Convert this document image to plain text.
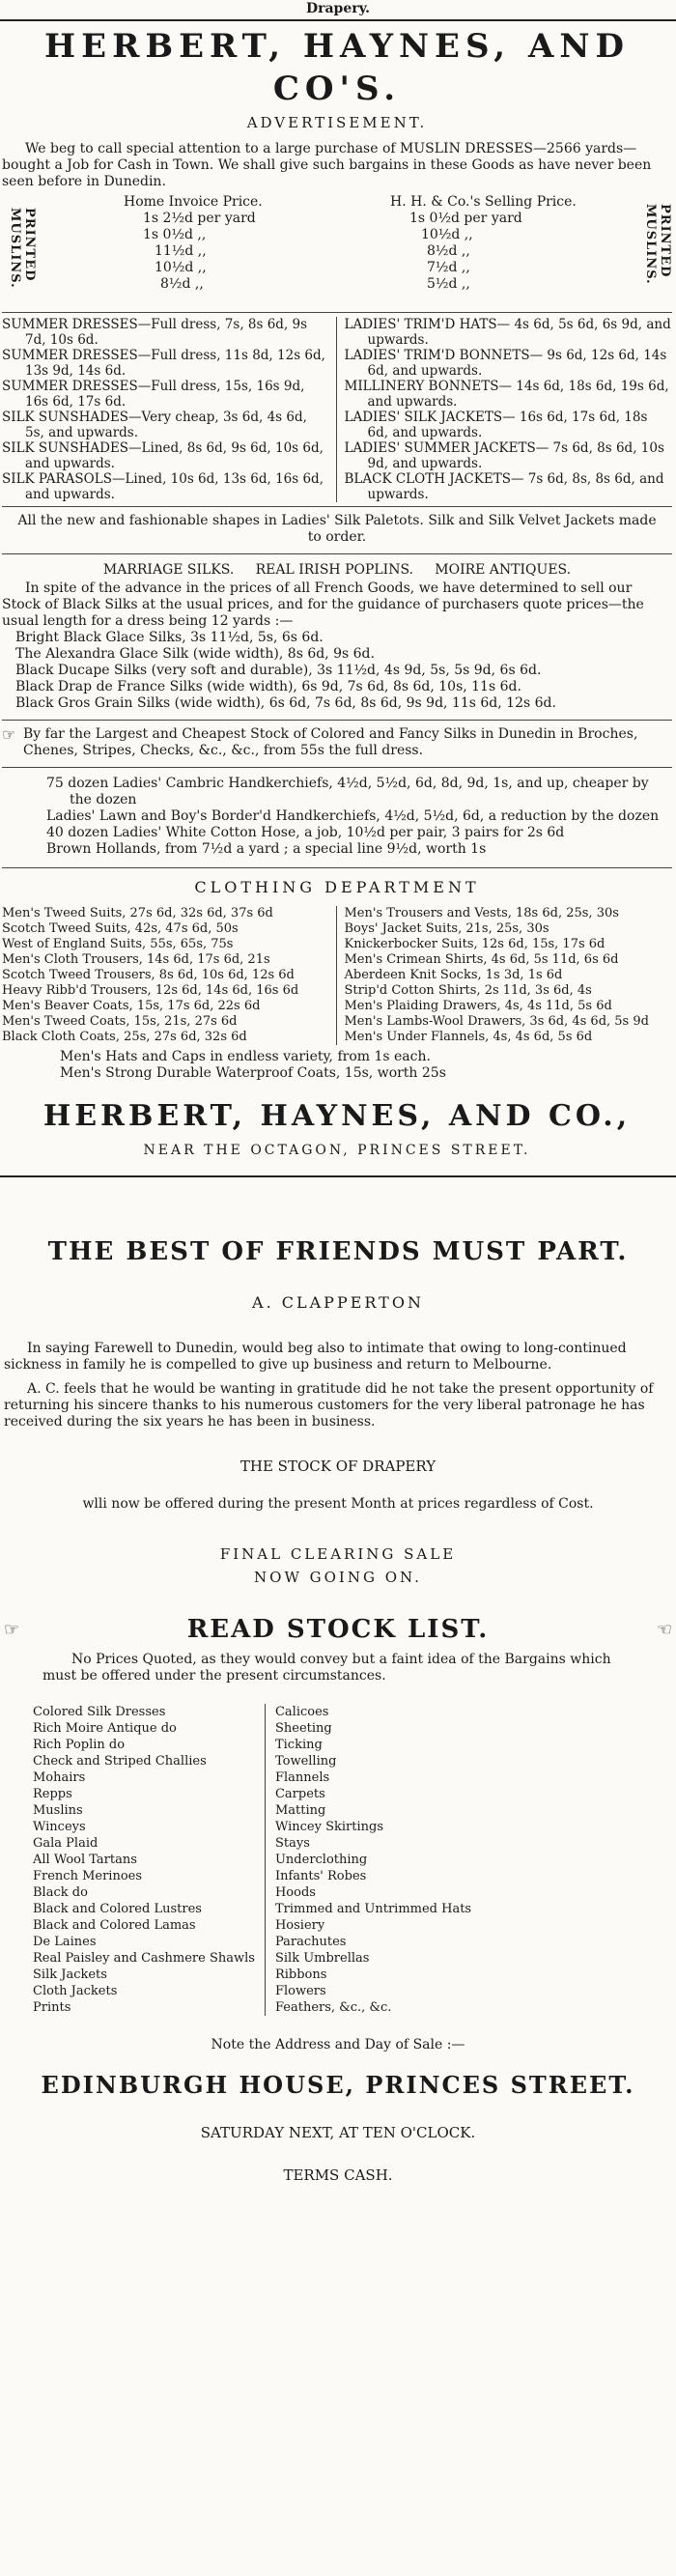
Drapery.
HERBERT, HAYNES, AND CO'S.
ADVERTISEMENT.
We beg to call special attention to a large purchase of MUSLIN DRESSES—2566 yards—bought a Job for Cash in Town. We shall give such bargains in these Goods as have never been seen before in Dunedin.
PRINTED MUSLINS.
Home Invoice Price.
1s 2½d per yard
1s 0½d ,,
11½d ,,
10½d ,,
8½d ,,
H. H. & Co.'s Selling Price.
1s 0½d per yard
10½d ,,
8½d ,,
7½d ,,
5½d ,,
PRINTED MUSLINS.
SUMMER DRESSES—Full dress, 7s, 8s 6d, 9s 7d, 10s 6d.
SUMMER DRESSES—Full dress, 11s 8d, 12s 6d, 13s 9d, 14s 6d.
SUMMER DRESSES—Full dress, 15s, 16s 9d, 16s 6d, 17s 6d.
SILK SUNSHADES—Very cheap, 3s 6d, 4s 6d, 5s, and upwards.
SILK SUNSHADES—Lined, 8s 6d, 9s 6d, 10s 6d, and upwards.
SILK PARASOLS—Lined, 10s 6d, 13s 6d, 16s 6d, and upwards.
LADIES' TRIM'D HATS— 4s 6d, 5s 6d, 6s 9d, and upwards.
LADIES' TRIM'D BONNETS— 9s 6d, 12s 6d, 14s 6d, and upwards.
MILLINERY BONNETS— 14s 6d, 18s 6d, 19s 6d, and upwards.
LADIES' SILK JACKETS— 16s 6d, 17s 6d, 18s 6d, and upwards.
LADIES' SUMMER JACKETS— 7s 6d, 8s 6d, 10s 9d, and upwards.
BLACK CLOTH JACKETS— 7s 6d, 8s, 8s 6d, and upwards.
All the new and fashionable shapes in Ladies' Silk Paletots. Silk and Silk Velvet Jackets made to order.
MARRIAGE SILKS.     REAL IRISH POPLINS.     MOIRE ANTIQUES.
In spite of the advance in the prices of all French Goods, we have determined to sell our Stock of Black Silks at the usual prices, and for the guidance of purchasers quote prices—the usual length for a dress being 12 yards :—
Bright Black Glace Silks, 3s 11½d, 5s, 6s 6d.
The Alexandra Glace Silk (wide width), 8s 6d, 9s 6d.
Black Ducape Silks (very soft and durable), 3s 11½d, 4s 9d, 5s, 5s 9d, 6s 6d.
Black Drap de France Silks (wide width), 6s 9d, 7s 6d, 8s 6d, 10s, 11s 6d.
Black Gros Grain Silks (wide width), 6s 6d, 7s 6d, 8s 6d, 9s 9d, 11s 6d, 12s 6d.
☞ By far the Largest and Cheapest Stock of Colored and Fancy Silks in Dunedin in Broches, Chenes, Stripes, Checks, &c., &c., from 55s the full dress.
75 dozen Ladies' Cambric Handkerchiefs, 4½d, 5½d, 6d, 8d, 9d, 1s, and up, cheaper by the dozen
Ladies' Lawn and Boy's Border'd Handkerchiefs, 4½d, 5½d, 6d, a reduction by the dozen
40 dozen Ladies' White Cotton Hose, a job, 10½d per pair, 3 pairs for 2s 6d
Brown Hollands, from 7½d a yard ; a special line 9½d, worth 1s
CLOTHING DEPARTMENT
Men's Tweed Suits, 27s 6d, 32s 6d, 37s 6d
Scotch Tweed Suits, 42s, 47s 6d, 50s
West of England Suits, 55s, 65s, 75s
Men's Cloth Trousers, 14s 6d, 17s 6d, 21s
Scotch Tweed Trousers, 8s 6d, 10s 6d, 12s 6d
Heavy Ribb'd Trousers, 12s 6d, 14s 6d, 16s 6d
Men's Beaver Coats, 15s, 17s 6d, 22s 6d
Men's Tweed Coats, 15s, 21s, 27s 6d
Black Cloth Coats, 25s, 27s 6d, 32s 6d
Men's Trousers and Vests, 18s 6d, 25s, 30s
Boys' Jacket Suits, 21s, 25s, 30s
Knickerbocker Suits, 12s 6d, 15s, 17s 6d
Men's Crimean Shirts, 4s 6d, 5s 11d, 6s 6d
Aberdeen Knit Socks, 1s 3d, 1s 6d
Strip'd Cotton Shirts, 2s 11d, 3s 6d, 4s
Men's Plaiding Drawers, 4s, 4s 11d, 5s 6d
Men's Lambs-Wool Drawers, 3s 6d, 4s 6d, 5s 9d
Men's Under Flannels, 4s, 4s 6d, 5s 6d
Men's Hats and Caps in endless variety, from 1s each.
Men's Strong Durable Waterproof Coats, 15s, worth 25s
HERBERT, HAYNES, AND CO.,
NEAR THE OCTAGON, PRINCES STREET.
THE BEST OF FRIENDS MUST PART.
A. CLAPPERTON
In saying Farewell to Dunedin, would beg also to intimate that owing to long-continued sickness in family he is compelled to give up business and return to Melbourne.
A. C. feels that he would be wanting in gratitude did he not take the present opportunity of returning his sincere thanks to his numerous customers for the very liberal patronage he has received during the six years he has been in business.
THE STOCK OF DRAPERY
wlli now be offered during the present Month at prices regardless of Cost.
FINAL CLEARING SALE
NOW GOING ON.
☞	READ STOCK LIST.	☜
No Prices Quoted, as they would convey but a faint idea of the Bargains which must be offered under the present circumstances.
Colored Silk Dresses
Rich Moire Antique do
Rich Poplin do
Check and Striped Challies
Mohairs
Repps
Muslins
Winceys
Gala Plaid
All Wool Tartans
French Merinoes
Black do
Black and Colored Lustres
Black and Colored Lamas
De Laines
Real Paisley and Cashmere Shawls
Silk Jackets
Cloth Jackets
Prints
Calicoes
Sheeting
Ticking
Towelling
Flannels
Carpets
Matting
Wincey Skirtings
Stays
Underclothing
Infants' Robes
Hoods
Trimmed and Untrimmed Hats
Hosiery
Parachutes
Silk Umbrellas
Ribbons
Flowers
Feathers, &c., &c.
Note the Address and Day of Sale :—
EDINBURGH HOUSE, PRINCES STREET.
SATURDAY NEXT, AT TEN O'CLOCK.
TERMS CASH.
